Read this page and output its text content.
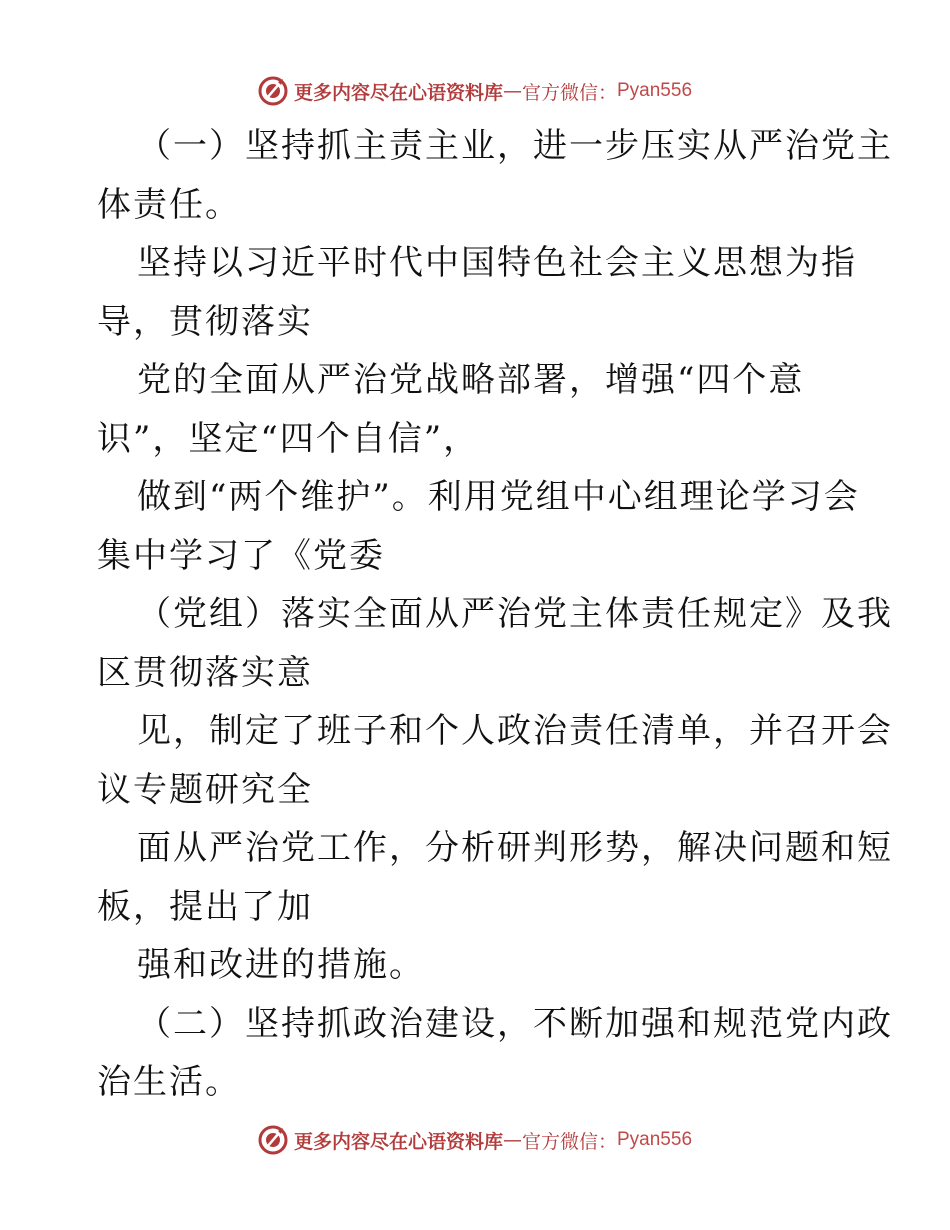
更多内容尽在心语资料库 — 官方微信： Pyan556
（一）坚持抓主责主业，进一步压实从严治党主
体责任。
坚持以习近平时代中国特色社会主义思想为指
导，贯彻落实
党的全面从严治党战略部署，增强“四个意
识”，坚定“四个自信”，
做到“两个维护”。利用党组中心组理论学习会
集中学习了《党委
（党组）落实全面从严治党主体责任规定》及我
区贯彻落实意
见，制定了班子和个人政治责任清单，并召开会
议专题研究全
面从严治党工作，分析研判形势，解决问题和短
板，提出了加
强和改进的措施。
（二）坚持抓政治建设，不断加强和规范党内政
治生活。
更多内容尽在心语资料库 — 官方微信： Pyan556
